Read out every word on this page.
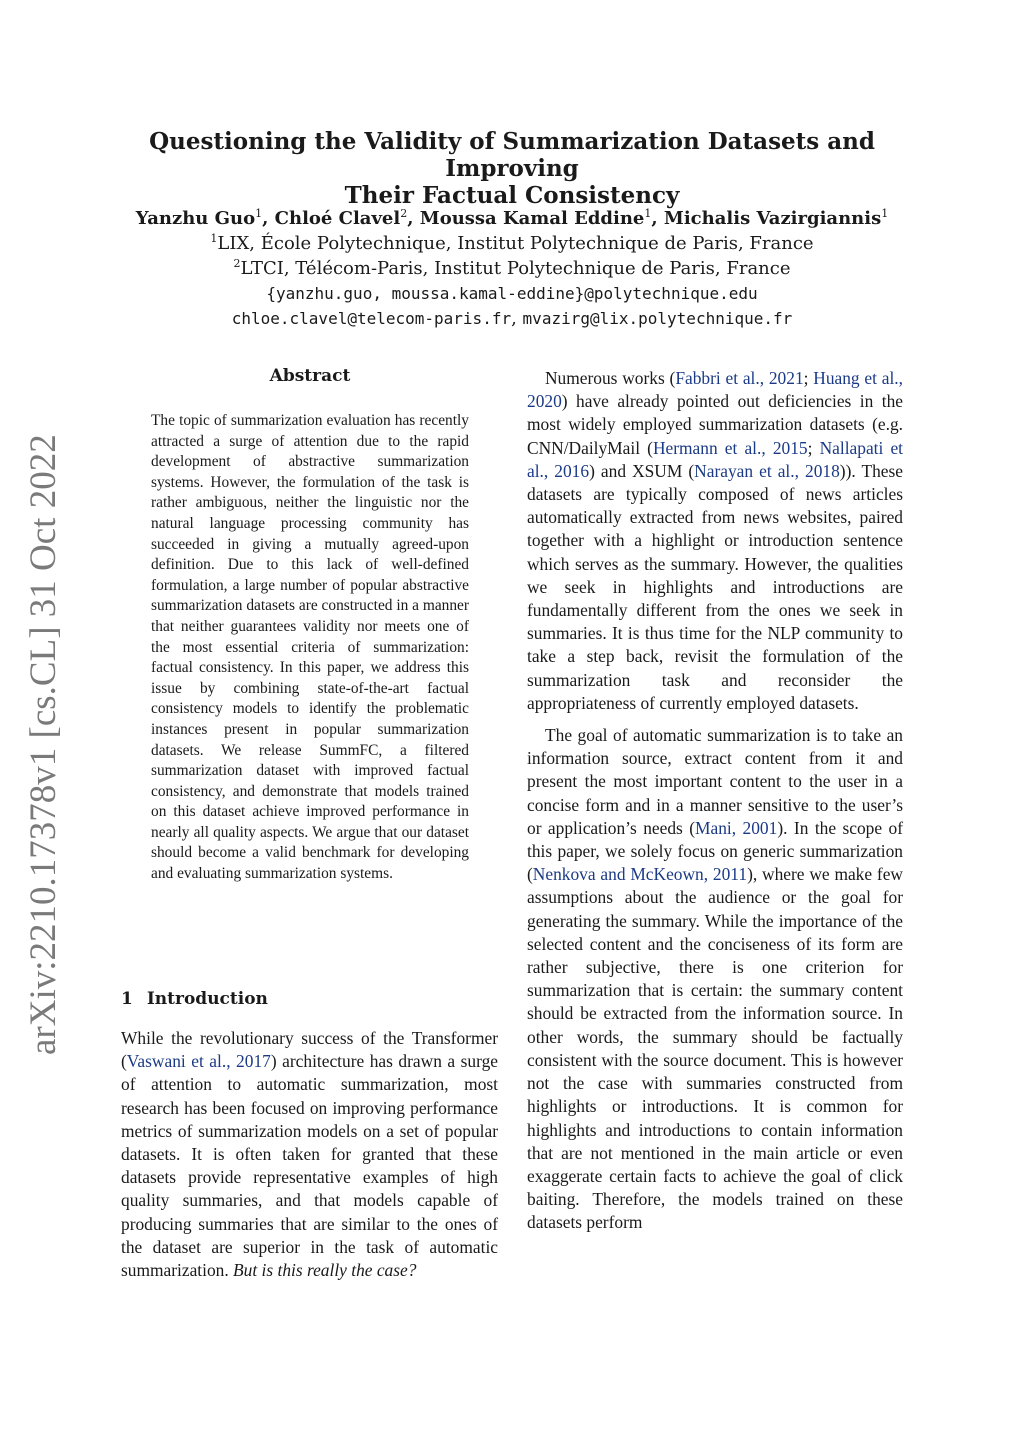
Questioning the Validity of Summarization Datasets and Improving
Their Factual Consistency
Yanzhu Guo$^1$, Chloé Clavel$^2$, Moussa Kamal Eddine$^1$, Michalis Vazirgiannis$^1$
$^1$LIX, École Polytechnique, Institut Polytechnique de Paris, France
$^2$LTCI, Télécom-Paris, Institut Polytechnique de Paris, France
{yanzhu.guo, moussa.kamal-eddine}@polytechnique.edu
chloe.clavel@telecom-paris.fr, mvazirg@lix.polytechnique.fr
arXiv:2210.17378v1 [cs.CL] 31 Oct 2022
Abstract

The topic of summarization evaluation has recently attracted a surge of attention due to the rapid development of abstractive summarization systems. However, the formulation of the task is rather ambiguous, neither the linguistic nor the natural language processing community has succeeded in giving a mutually agreed-upon definition. Due to this lack of well-defined formulation, a large number of popular abstractive summarization datasets are constructed in a manner that neither guarantees validity nor meets one of the most essential criteria of summarization: factual consistency. In this paper, we address this issue by combining state-of-the-art factual consistency models to identify the problematic instances present in popular summarization datasets. We release SummFC, a filtered summarization dataset with improved factual consistency, and demonstrate that models trained on this dataset achieve improved performance in nearly all quality aspects. We argue that our dataset should become a valid benchmark for developing and evaluating summarization systems.

1 Introduction

While the revolutionary success of the Transformer (Vaswani et al., 2017) architecture has drawn a surge of attention to automatic summarization, most research has been focused on improving performance metrics of summarization models on a set of popular datasets. It is often taken for granted that these datasets provide representative examples of high quality summaries, and that models capable of producing summaries that are similar to the ones of the dataset are superior in the task of automatic summarization. But is this really the case?

Numerous works (Fabbri et al., 2021; Huang et al., 2020) have already pointed out deficiencies in the most widely employed summarization datasets (e.g. CNN/DailyMail (Hermann et al., 2015; Nallapati et al., 2016) and XSUM (Narayan et al., 2018)). These datasets are typically composed of news articles automatically extracted from news websites, paired together with a highlight or introduction sentence which serves as the summary. However, the qualities we seek in highlights and introductions are fundamentally different from the ones we seek in summaries. It is thus time for the NLP community to take a step back, revisit the formulation of the summarization task and reconsider the appropriateness of currently employed datasets.

The goal of automatic summarization is to take an information source, extract content from it and present the most important content to the user in a concise form and in a manner sensitive to the user’s or application’s needs (Mani, 2001). In the scope of this paper, we solely focus on generic summarization (Nenkova and McKeown, 2011), where we make few assumptions about the audience or the goal for generating the summary. While the importance of the selected content and the conciseness of its form are rather subjective, there is one criterion for summarization that is certain: the summary content should be extracted from the information source. In other words, the summary should be factually consistent with the source document. This is however not the case with summaries constructed from highlights or introductions. It is common for highlights and introductions to contain information that are not mentioned in the main article or even exaggerate certain facts to achieve the goal of click baiting. Therefore, the models trained on these datasets perform
